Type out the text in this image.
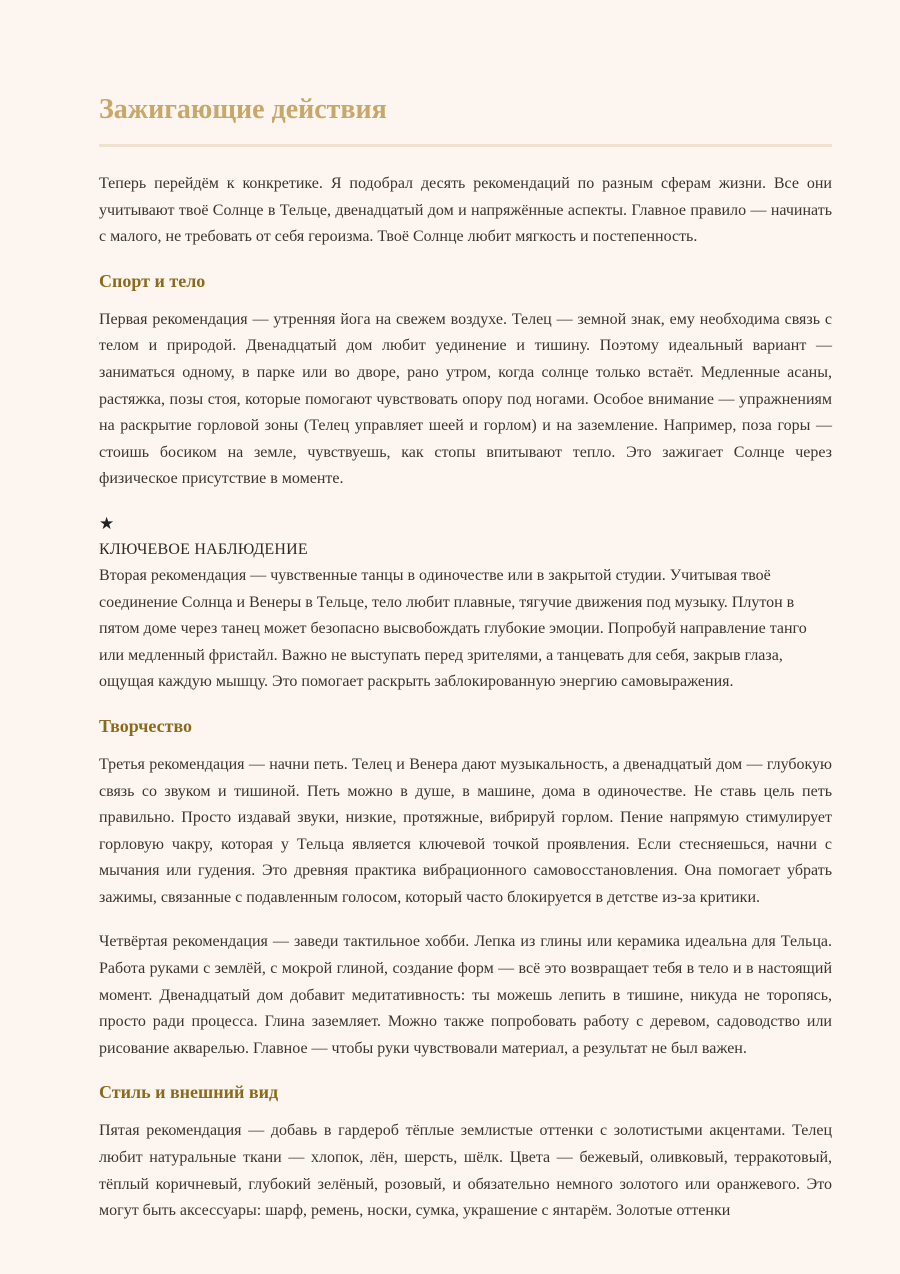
Зажигающие действия

Теперь перейдём к конкретике. Я подобрал десять рекомендаций по разным сферам жизни. Все они учитывают твоё Солнце в Тельце, двенадцатый дом и напряжённые аспекты. Главное правило — начинать с малого, не требовать от себя героизма. Твоё Солнце любит мягкость и постепенность.

Спорт и тело

Первая рекомендация — утренняя йога на свежем воздухе. Телец — земной знак, ему необходима связь с телом и природой. Двенадцатый дом любит уединение и тишину. Поэтому идеальный вариант — заниматься одному, в парке или во дворе, рано утром, когда солнце только встаёт. Медленные асаны, растяжка, позы стоя, которые помогают чувствовать опору под ногами. Особое внимание — упражнениям на раскрытие горловой зоны (Телец управляет шеей и горлом) и на заземление. Например, поза горы — стоишь босиком на земле, чувствуешь, как стопы впитывают тепло. Это зажигает Солнце через физическое присутствие в моменте.

★
КЛЮЧЕВОЕ НАБЛЮДЕНИЕ

Вторая рекомендация — чувственные танцы в одиночестве или в закрытой студии. Учитывая твоё соединение Солнца и Венеры в Тельце, тело любит плавные, тягучие движения под музыку. Плутон в пятом доме через танец может безопасно высвобождать глубокие эмоции. Попробуй направление танго или медленный фристайл. Важно не выступать перед зрителями, а танцевать для себя, закрыв глаза, ощущая каждую мышцу. Это помогает раскрыть заблокированную энергию самовыражения.

Творчество

Третья рекомендация — начни петь. Телец и Венера дают музыкальность, а двенадцатый дом — глубокую связь со звуком и тишиной. Петь можно в душе, в машине, дома в одиночестве. Не ставь цель петь правильно. Просто издавай звуки, низкие, протяжные, вибрируй горлом. Пение напрямую стимулирует горловую чакру, которая у Тельца является ключевой точкой проявления. Если стесняешься, начни с мычания или гудения. Это древняя практика вибрационного самовосстановления. Она помогает убрать зажимы, связанные с подавленным голосом, который часто блокируется в детстве из-за критики.

Четвёртая рекомендация — заведи тактильное хобби. Лепка из глины или керамика идеальна для Тельца. Работа руками с землёй, с мокрой глиной, создание форм — всё это возвращает тебя в тело и в настоящий момент. Двенадцатый дом добавит медитативность: ты можешь лепить в тишине, никуда не торопясь, просто ради процесса. Глина заземляет. Можно также попробовать работу с деревом, садоводство или рисование акварелью. Главное — чтобы руки чувствовали материал, а результат не был важен.

Стиль и внешний вид

Пятая рекомендация — добавь в гардероб тёплые землистые оттенки с золотистыми акцентами. Телец любит натуральные ткани — хлопок, лён, шерсть, шёлк. Цвета — бежевый, оливковый, терракотовый, тёплый коричневый, глубокий зелёный, розовый, и обязательно немного золотого или оранжевого. Это могут быть аксессуары: шарф, ремень, носки, сумка, украшение с янтарём. Золотые оттенки
